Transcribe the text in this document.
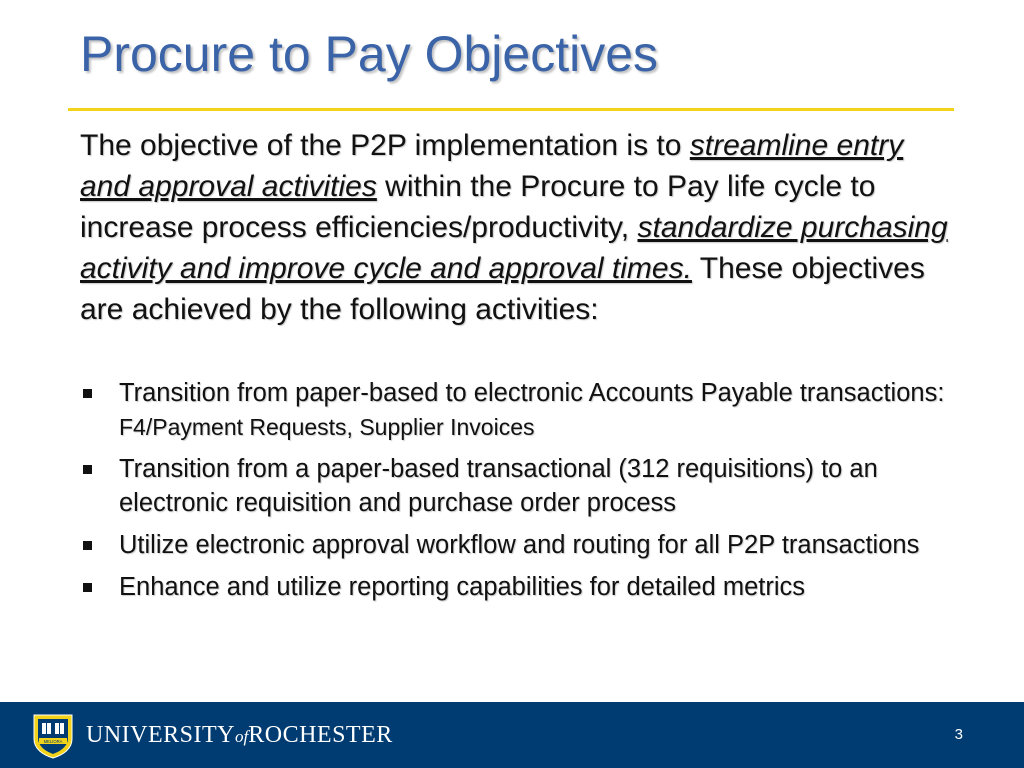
Procure to Pay Objectives
The objective of the P2P implementation is to streamline entry and approval activities within the Procure to Pay life cycle to increase process efficiencies/productivity, standardize purchasing activity and improve cycle and approval times. These objectives are achieved by the following activities:
Transition from paper-based to electronic Accounts Payable transactions: F4/Payment Requests, Supplier Invoices
Transition from a paper-based transactional (312 requisitions) to an electronic requisition and purchase order process
Utilize electronic approval workflow and routing for all P2P transactions
Enhance and utilize reporting capabilities for detailed metrics
MELIORA UNIVERSITYofROCHESTER	3
